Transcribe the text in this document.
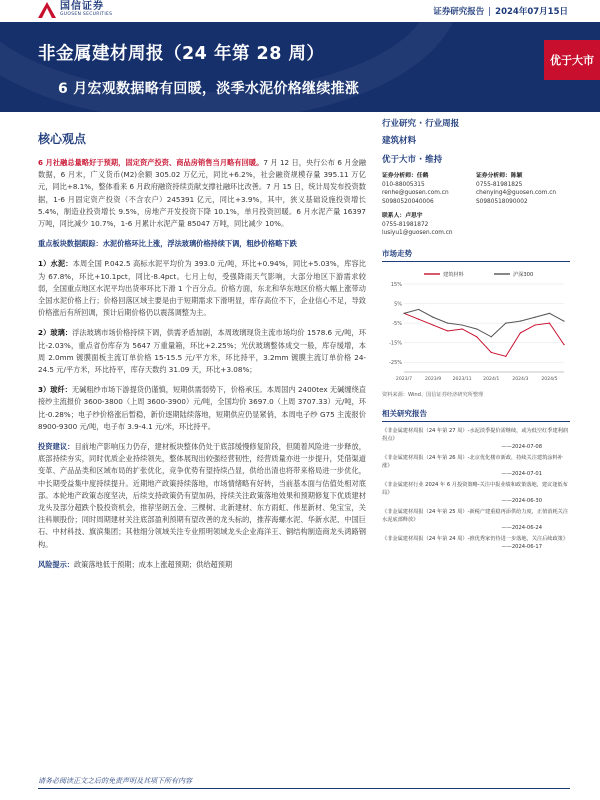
国信证券
GUOSEN SECURITIES	证券研究报告 | 2024年07月15日
非金属建材周报（24 年第 28 周）
6 月宏观数据略有回暖，淡季水泥价格继续推涨
优于大市
核心观点

6 月社融总量略好于预期，固定资产投资、商品房销售当月略有回暖。7 月 12 日，央行公布 6 月金融数据，6 月末，广义货币(M2)余额 305.02 万亿元，同比+6.2%，社会融资规模存量 395.11 万亿元，同比+8.1%，整体看来 6 月政府融资持续贡献支撑社融环比改善。7 月 15 日，统计局发布投资数据，1-6 月固定资产投资（不含农户）245391 亿元，同比+3.9%，其中，狭义基础设施投资增长 5.4%，制造业投资增长 9.5%，房地产开发投资下降 10.1%，单月投资回暖。6 月水泥产量 16397 万吨，同比减少 10.7%，1-6 月累计水泥产量 85047 万吨，同比减少 10%。

重点板块数据跟踪：水泥价格环比上涨，浮法玻璃价格持续下调，粗纱价格略下跌

1）水泥：本周全国 P.042.5 高标水泥平均价为 393.0 元/吨，环比+0.94%，同比+5.03%，库容比为 67.8%，环比+10.1pct，同比-8.4pct。七月上旬，受强降雨天气影响，大部分地区下游需求较弱，全国重点地区水泥平均出货率环比下滑 1 个百分点。价格方面，东北和华东地区价格大幅上涨带动全国水泥价格上行；价格回落区域主要是由于短期需求下滑明显，库存高位不下，企业信心不足，导致价格涨后有所回调，预计后期价格仍以震荡调整为主。

2）玻璃：浮法玻璃市场价格持续下调，供需矛盾加剧，本周玻璃现货主流市场均价 1578.6 元/吨，环比-2.03%，重点省份库存为 5647 万重量箱，环比+2.25%；光伏玻璃整体成交一般，库存缓增，本周 2.0mm 镀膜面板主流订单价格 15-15.5 元/平方米，环比持平，3.2mm 镀膜主流订单价格 24-24.5 元/平方米，环比持平，库存天数约 31.09 天，环比+3.08%；

3）玻纤：无碱粗纱市场下游提货仍谨慎，短期供需弱势下，价格承压。本周国内 2400tex 无碱缠绕直接纱主流报价 3600-3800（上周 3600-3900）元/吨，全国均价 3697.0（上周 3707.33）元/吨，环比-0.28%；电子纱价格涨后暂稳，新价逐期陆续落地，短期供应仍显紧俏，本周电子纱 G75 主流报价 8900-9300 元/吨，电子布 3.9-4.1 元/米，环比持平。

投资建议：目前地产影响压力仍存，建材板块整体仍处于底部缓慢修复阶段，但随着风险进一步释放，底部持续夯实，同时优质企业持续领先，整体展现出较强经营韧性，经营质量亦进一步提升，凭借渠道变革、产品品类和区域布局的扩张优化，竞争优势有望持续凸显，供给出清也将带来格局进一步优化，中长期受益集中度持续提升。近期地产政策持续落地，市场情绪略有好转，当前基本面与估值处相对底部。本轮地产政策态度坚决，后续支持政策仍有望加码，持续关注政策落地效果和预期修复下优质建材龙头及部分超跌个股投资机会，推荐坚朗五金、三棵树、北新建材、东方雨虹、伟星新材、兔宝宝，关注科顺股份；同时周期建材关注底部盈利预期有望改善的龙头标的，推荐海螺水泥、华新水泥、中国巨石、中材科技、旗滨集团；其他细分领域关注专业照明领域龙头企业海洋王、铜结构制造商龙头鸿路钢构。

风险提示：政策落地低于预期；成本上涨超预期；供给超预期

行业研究 · 行业周报
建筑材料
优于大市 · 维持
证券分析师：任鹤
010-88005315
renhe@guosen.com.cn
S0980520040006
证券分析师：陈颖
0755-81981825
chenying4@guosen.com.cn
S0980518090002
联系人：卢思宇
0755-81981872
lusiyu1@guosen.com.cn
市场走势
15%
5%
-5%
-15%
-25%
2023/7	2023/9 2023/11 2024/1	2024/3	2024/5
建筑材料	沪深300
资料来源：Wind、国信证券经济研究所整理
相关研究报告
《非金属建材周报（24 年第 27 周）-水泥淡季提价需继续，或为低空红季建利润拐点》
——2024-07-08
《非金属建材周报（24 年第 26 周）-北京优化楼市新政，持续关注建筑涂料补涨》
——2024-07-01
《非金属建材行业 2024 年 6 月投资策略-关注中报业绩和政策落地，建议逢低布局》
——2024-06-30
《非金属建材周报（24 年第 25 周）-新税产建重稳再添供给力度，正值消耗关注水泥底部释放》
——2024-06-24
《非金属建材周报（24 年第 24 周）-推优秀家仍待进一步落地，关注后续政策》
——2024-06-17
请务必阅读正文之后的免责声明及其项下所有内容
